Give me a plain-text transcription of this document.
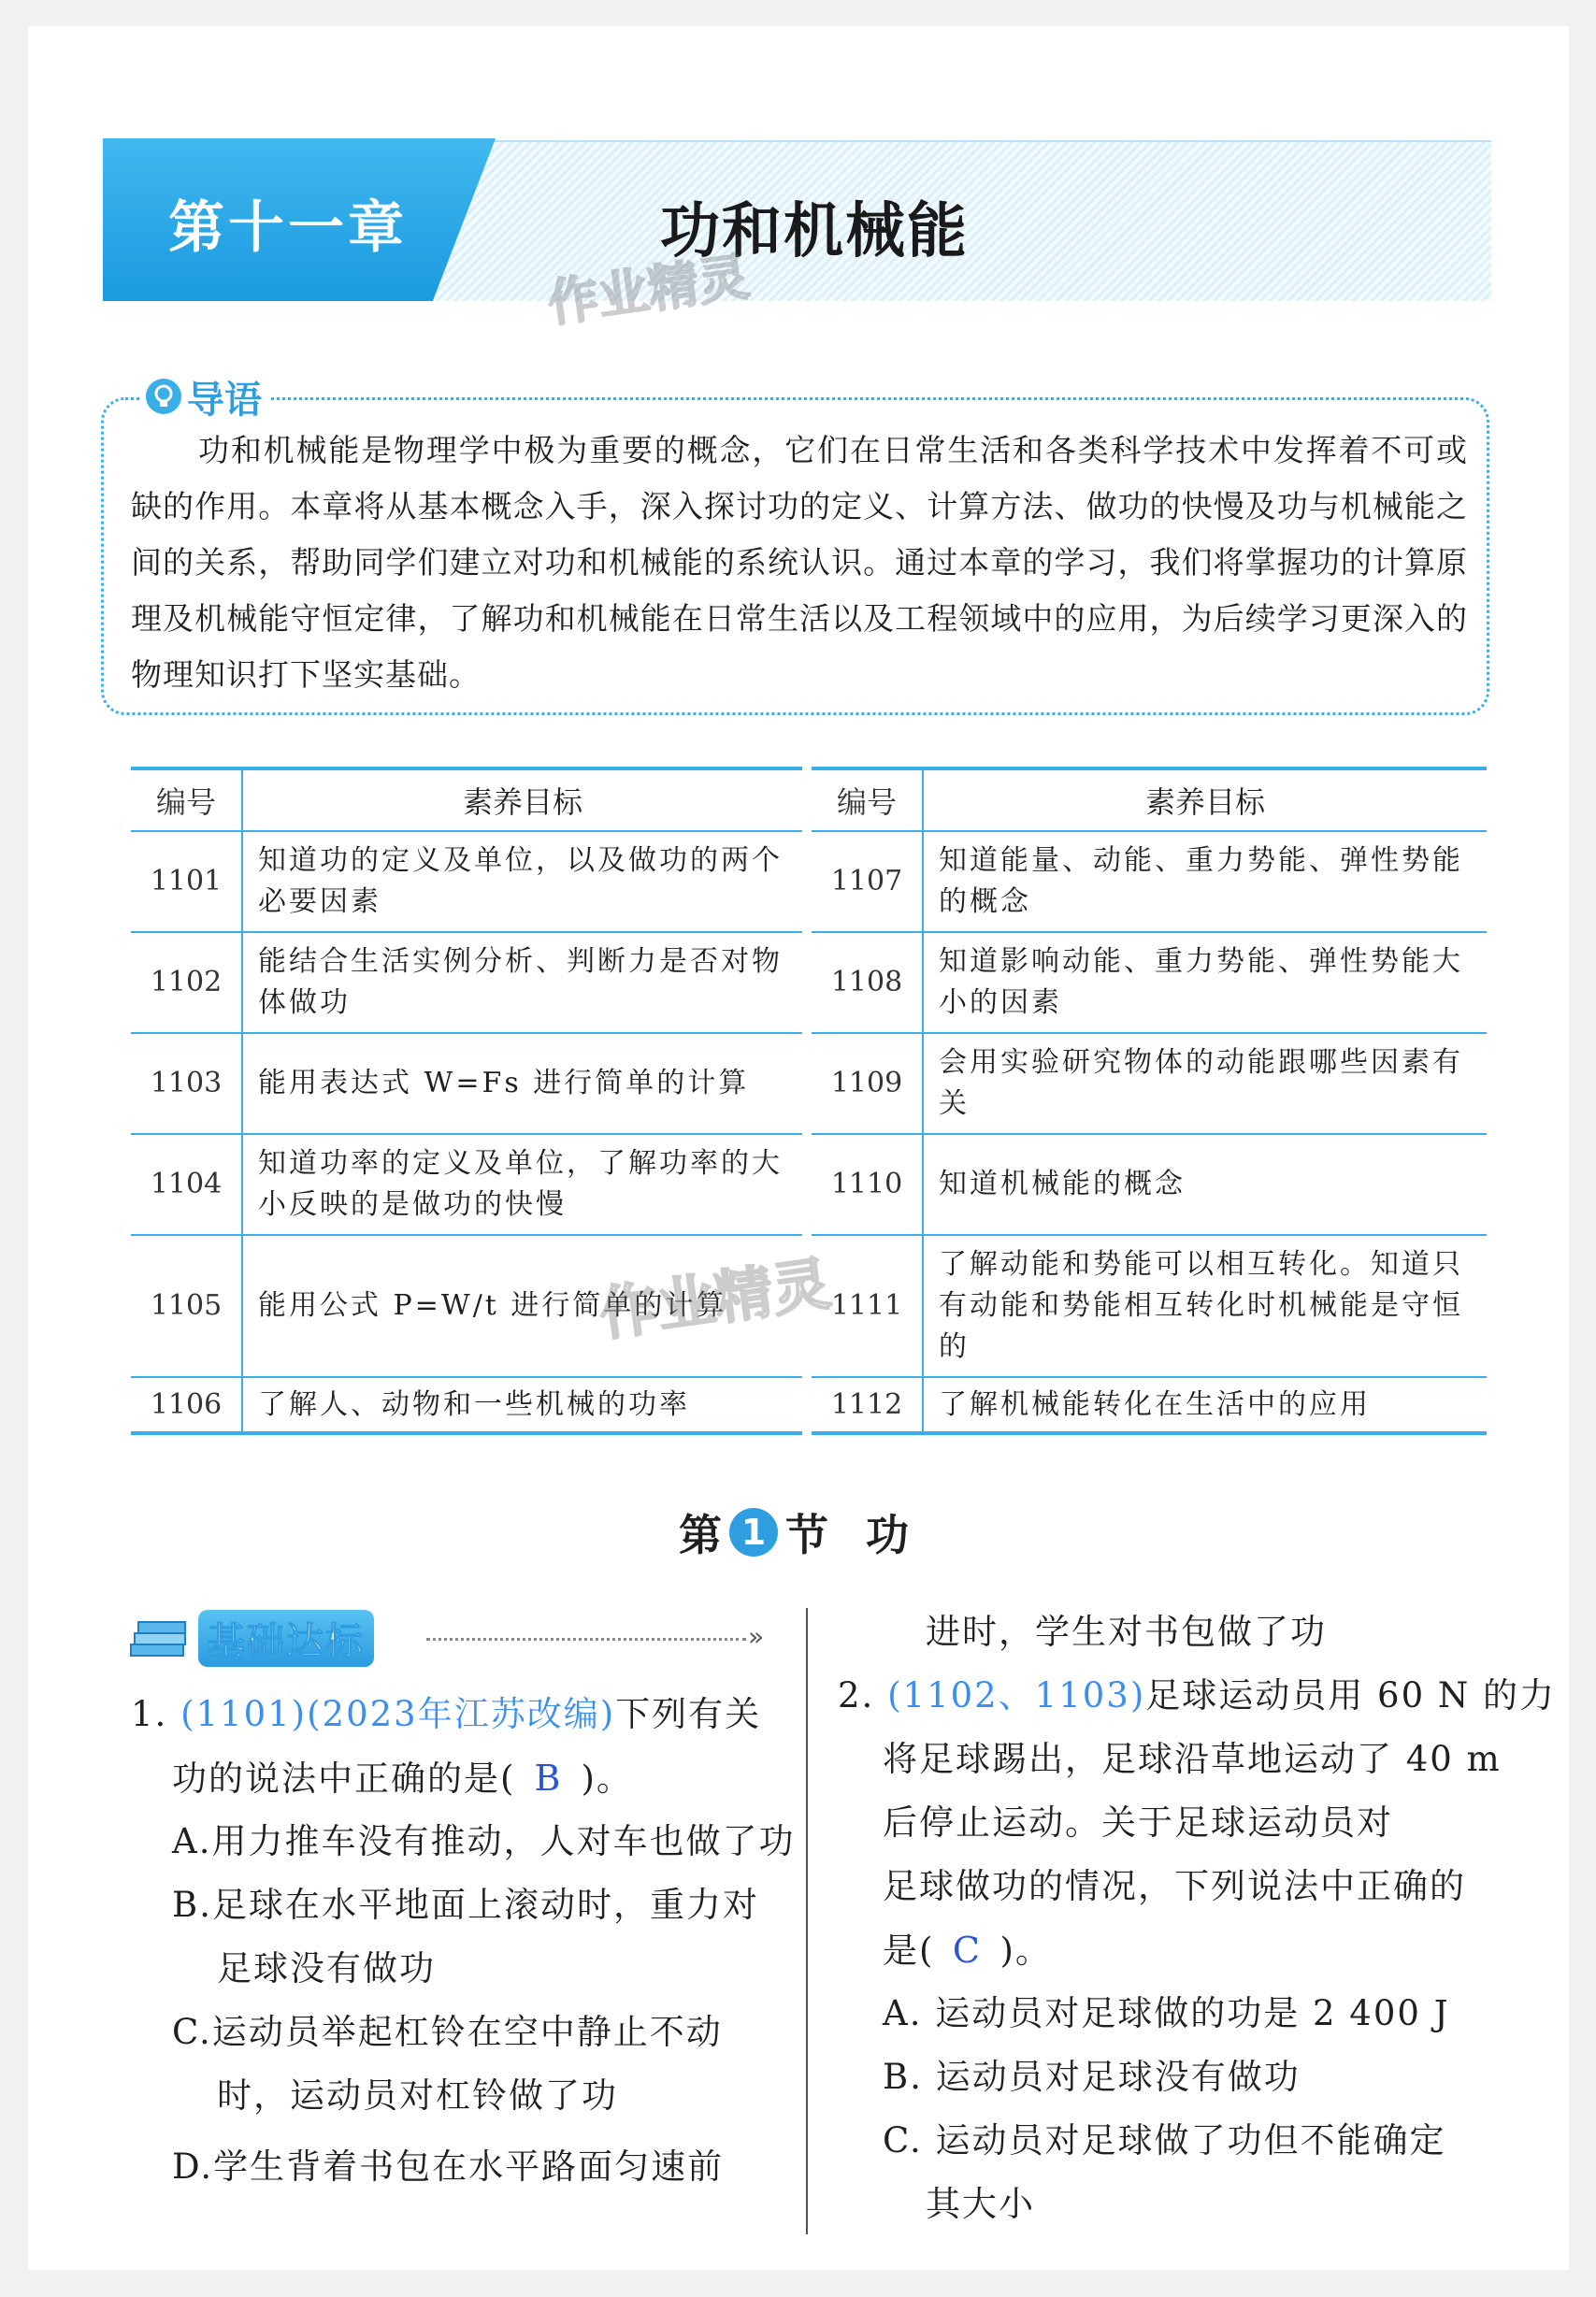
第十一章	功和机械能
作业精灵
导语
功和机械能是物理学中极为重要的概念，它们在日常生活和各类科学技术中发挥着不可或缺的作用。本章将从基本概念入手，深入探讨功的定义、计算方法、做功的快慢及功与机械能之间的关系，帮助同学们建立对功和机械能的系统认识。通过本章的学习，我们将掌握功的计算原理及机械能守恒定律，了解功和机械能在日常生活以及工程领域中的应用，为后续学习更深入的物理知识打下坚实基础。
编号	素养目标
1101	知道功的定义及单位，以及做功的两个必要因素
1102	能结合生活实例分析、判断力是否对物体做功
1103	能用表达式 W=Fs 进行简单的计算
1104	知道功率的定义及单位，了解功率的大小反映的是做功的快慢
1105	能用公式 P=W/t 进行简单的计算
1106	了解人、动物和一些机械的功率
编号	素养目标
1107	知道能量、动能、重力势能、弹性势能的概念
1108	知道影响动能、重力势能、弹性势能大小的因素
1109	会用实验研究物体的动能跟哪些因素有关
1110	知道机械能的概念
1111	了解动能和势能可以相互转化。知道只有动能和势能相互转化时机械能是守恒的
1112	了解机械能转化在生活中的应用
作业精灵
第 1 节 功
基础达标	»
1. (1101)(2023年江苏改编)下列有关
功的说法中正确的是( B )。
A.用力推车没有推动，人对车也做了功
B.足球在水平地面上滚动时，重力对
足球没有做功
C.运动员举起杠铃在空中静止不动
时，运动员对杠铃做了功
D.学生背着书包在水平路面匀速前
进时，学生对书包做了功
2. (1102、1103)足球运动员用 60 N 的力
将足球踢出，足球沿草地运动了 40 m
后停止运动。关于足球运动员对
足球做功的情况，下列说法中正确的
是( C )。
A. 运动员对足球做的功是 2 400 J
B. 运动员对足球没有做功
C. 运动员对足球做了功但不能确定
其大小
